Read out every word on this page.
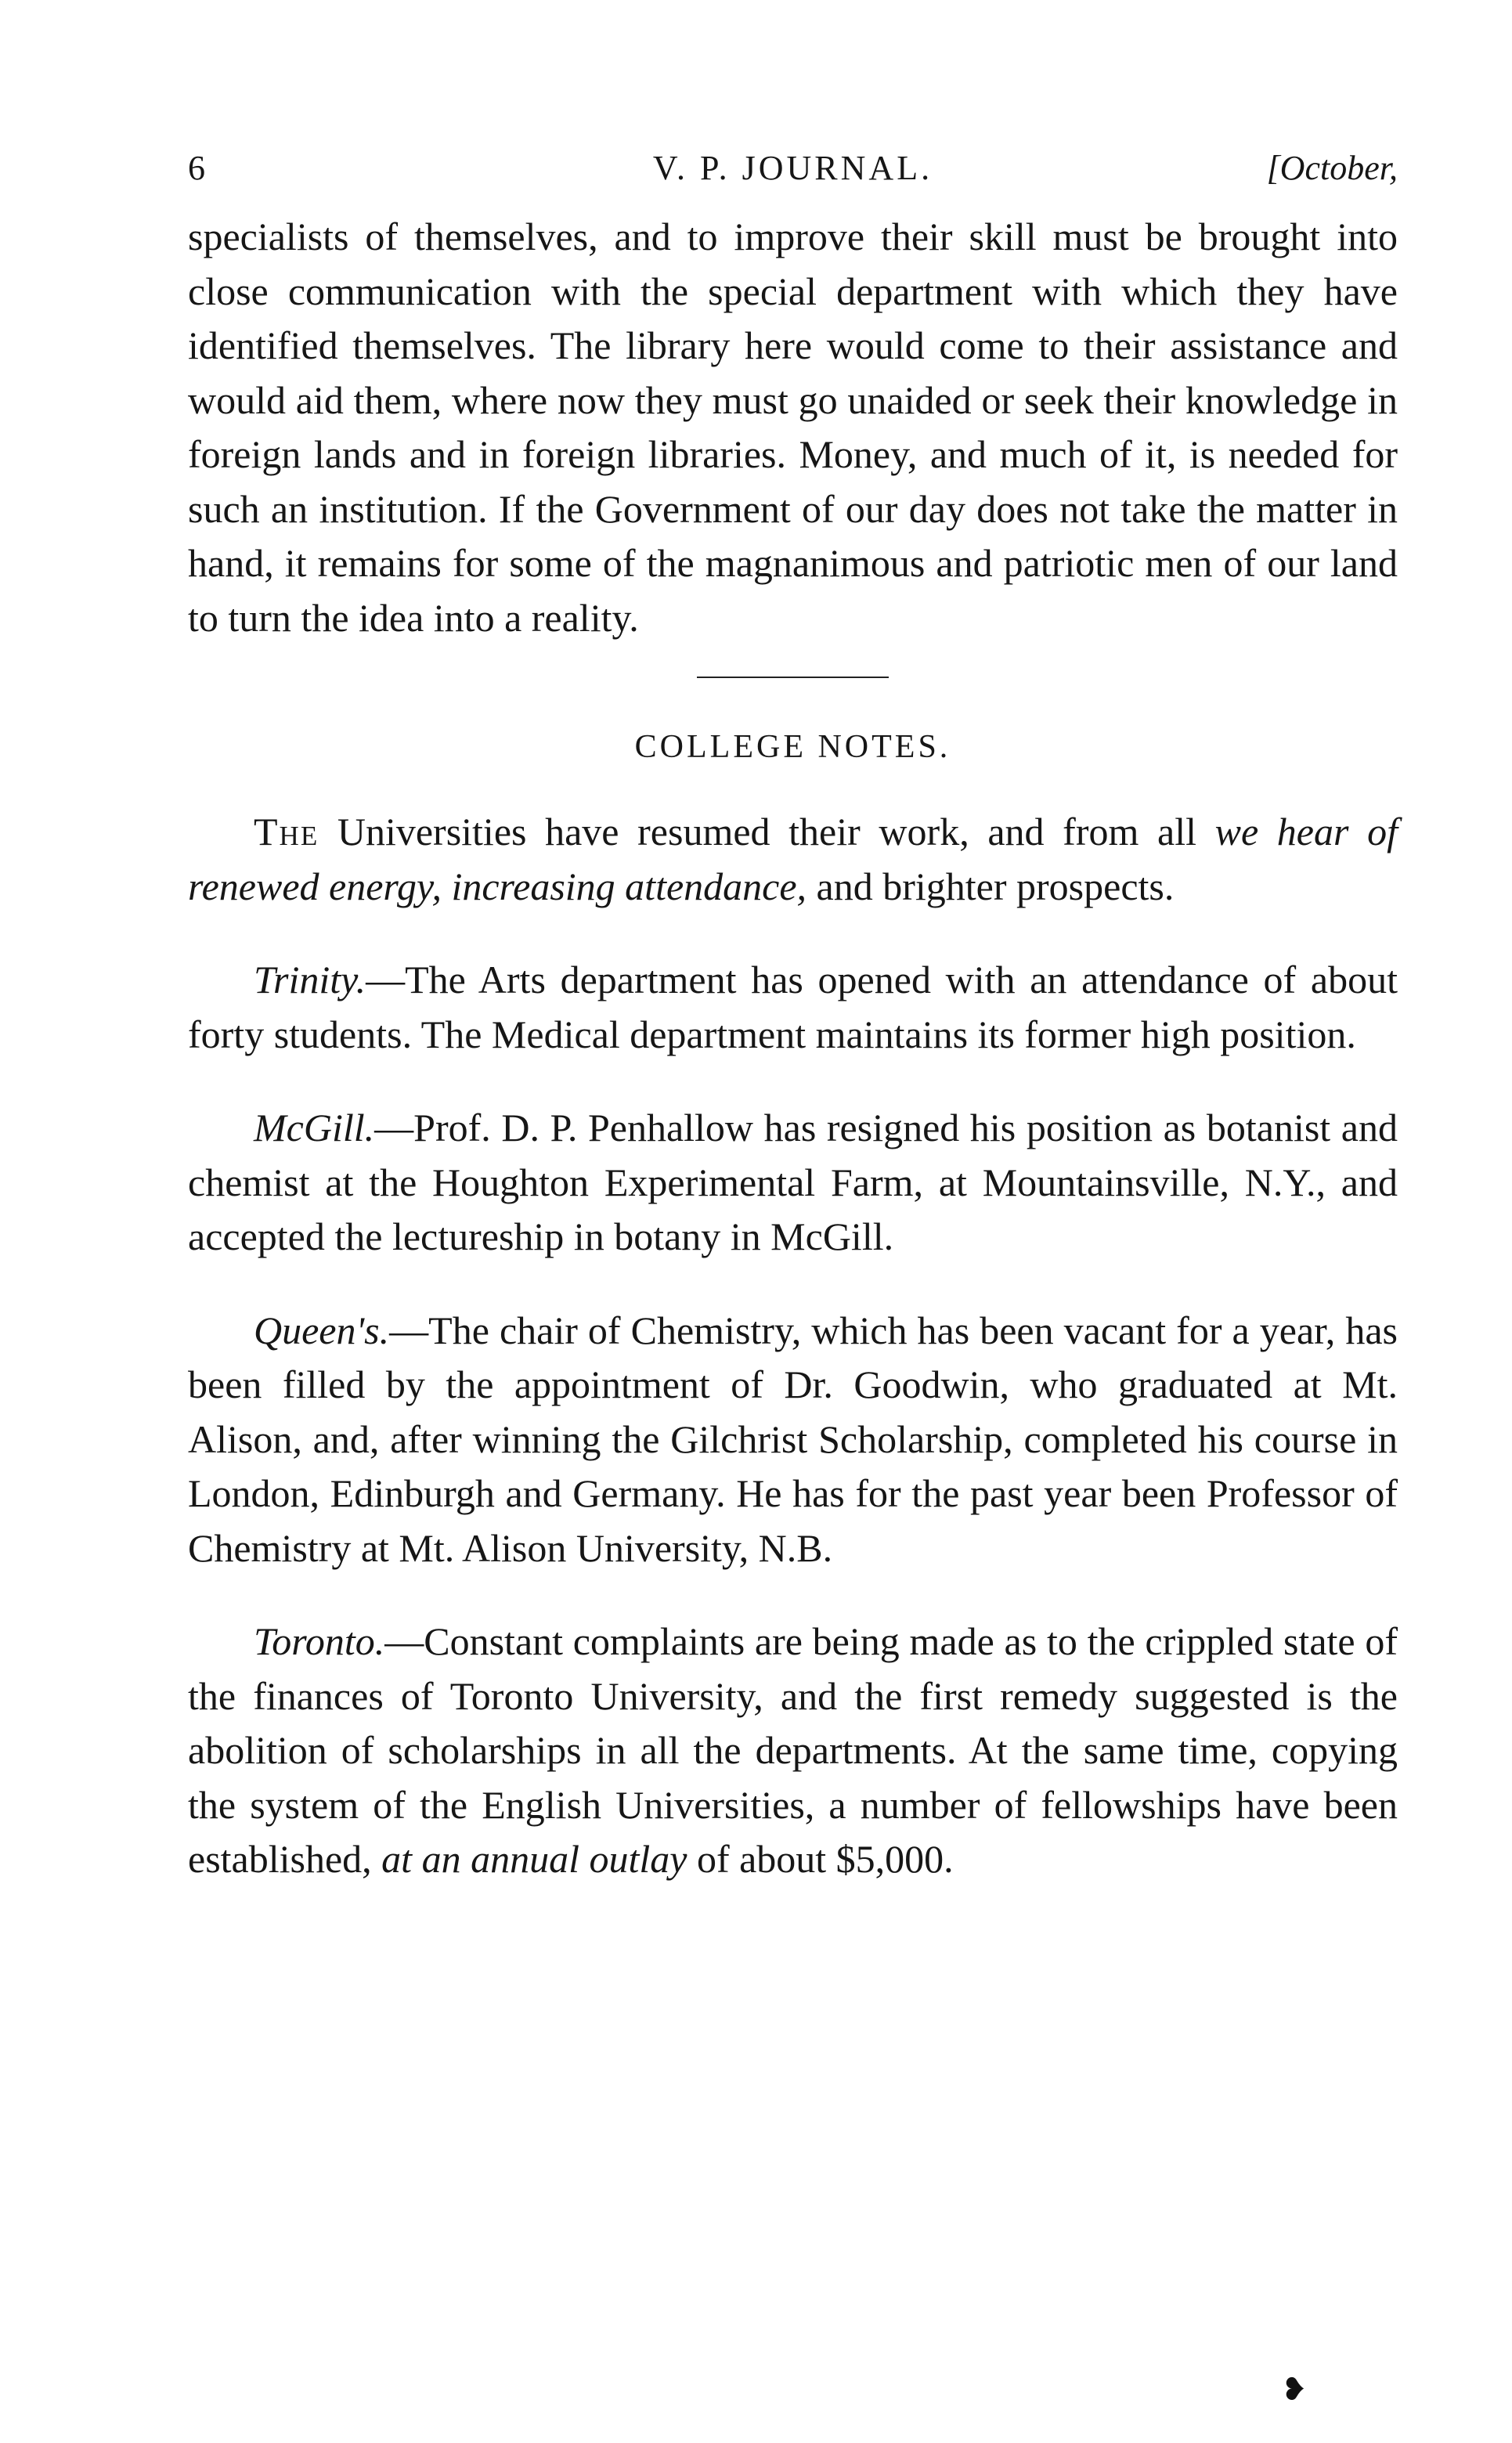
6	V. P. JOURNAL.	[October,

specialists of themselves, and to improve their skill must be brought into close communication with the special department with which they have identified themselves. The library here would come to their assistance and would aid them, where now they must go unaided or seek their knowledge in foreign lands and in foreign libraries. Money, and much of it, is needed for such an institution. If the Government of our day does not take the matter in hand, it remains for some of the magnanimous and patriotic men of our land to turn the idea into a reality.

COLLEGE NOTES.

The Universities have resumed their work, and from all we hear of renewed energy, increasing attendance, and brighter prospects.

Trinity.—The Arts department has opened with an attendance of about forty students. The Medical department maintains its former high position.

McGill.—Prof. D. P. Penhallow has resigned his position as botanist and chemist at the Houghton Experimental Farm, at Mountainsville, N.Y., and accepted the lectureship in botany in McGill.

Queen's.—The chair of Chemistry, which has been vacant for a year, has been filled by the appointment of Dr. Goodwin, who graduated at Mt. Alison, and, after winning the Gilchrist Scholarship, completed his course in London, Edinburgh and Germany. He has for the past year been Professor of Chemistry at Mt. Alison University, N.B.

Toronto.—Constant complaints are being made as to the crippled state of the finances of Toronto University, and the first remedy suggested is the abolition of scholarships in all the departments. At the same time, copying the system of the English Universities, a number of fellowships have been established, at an annual outlay of about $5,000.

❥
